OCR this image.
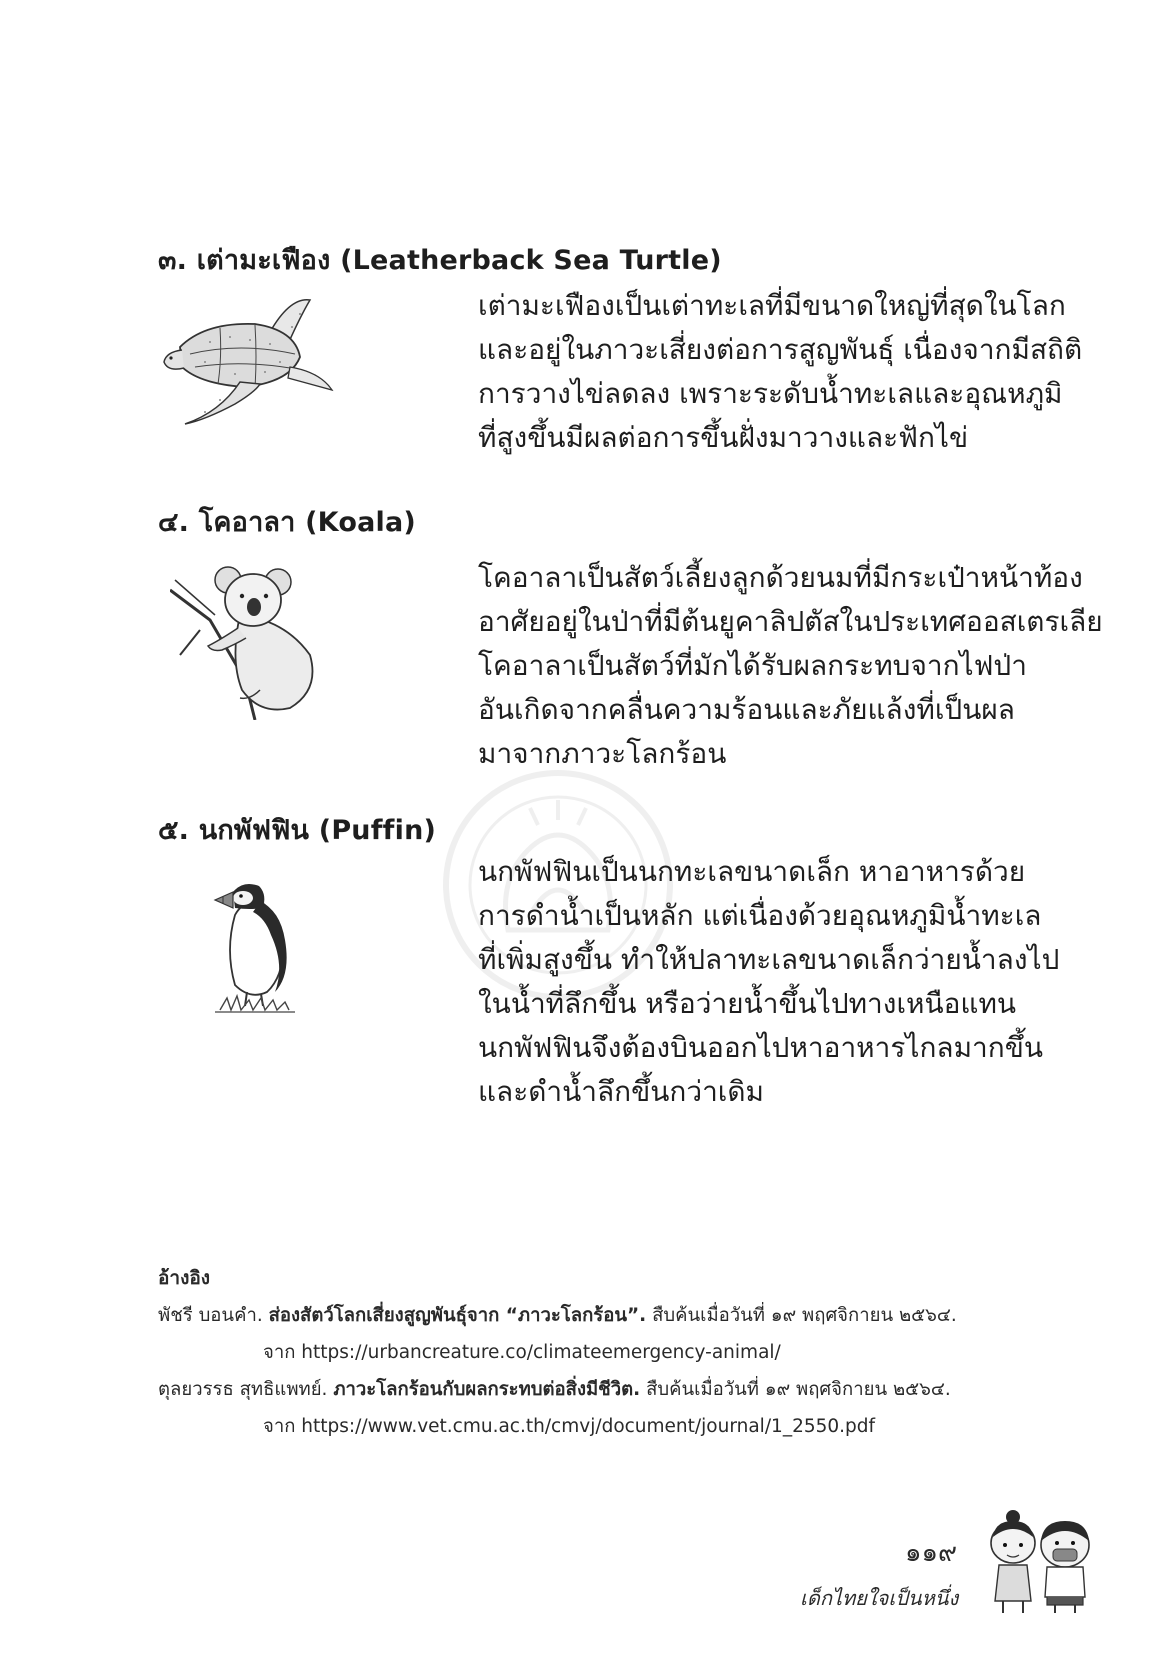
๓. เต่ามะเฟือง (Leatherback Sea Turtle)
เต่ามะเฟืองเป็นเต่าทะเลที่มีขนาดใหญ่ที่สุดในโลก
และอยู่ในภาวะเสี่ยงต่อการสูญพันธุ์ เนื่องจากมีสถิติ
การวางไข่ลดลง เพราะระดับน้ำทะเลและอุณหภูมิ
ที่สูงขึ้นมีผลต่อการขึ้นฝั่งมาวางและฟักไข่
๔. โคอาลา (Koala)
โคอาลาเป็นสัตว์เลี้ยงลูกด้วยนมที่มีกระเป๋าหน้าท้อง
อาศัยอยู่ในป่าที่มีต้นยูคาลิปตัสในประเทศออสเตรเลีย
โคอาลาเป็นสัตว์ที่มักได้รับผลกระทบจากไฟป่า
อันเกิดจากคลื่นความร้อนและภัยแล้งที่เป็นผล
มาจากภาวะโลกร้อน
๕. นกพัฟฟิน (Puffin)
นกพัฟฟินเป็นนกทะเลขนาดเล็ก หาอาหารด้วย
การดำน้ำเป็นหลัก แต่เนื่องด้วยอุณหภูมิน้ำทะเล
ที่เพิ่มสูงขึ้น ทำให้ปลาทะเลขนาดเล็กว่ายน้ำลงไป
ในน้ำที่ลึกขึ้น หรือว่ายน้ำขึ้นไปทางเหนือแทน
นกพัฟฟินจึงต้องบินออกไปหาอาหารไกลมากขึ้น
และดำน้ำลึกขึ้นกว่าเดิม
อ้างอิง
พัชรี บอนคำ. ส่องสัตว์โลกเสี่ยงสูญพันธุ์จาก “ภาวะโลกร้อน”. สืบค้นเมื่อวันที่ ๑๙ พฤศจิกายน ๒๕๖๔.
จาก https://urbancreature.co/climateemergency-animal/
ตุลยวรรธ สุทธิแพทย์. ภาวะโลกร้อนกับผลกระทบต่อสิ่งมีชีวิต. สืบค้นเมื่อวันที่ ๑๙ พฤศจิกายน ๒๕๖๔.
จาก https://www.vet.cmu.ac.th/cmvj/document/journal/1_2550.pdf
๑๑๙
เด็กไทยใจเป็นหนึ่ง
